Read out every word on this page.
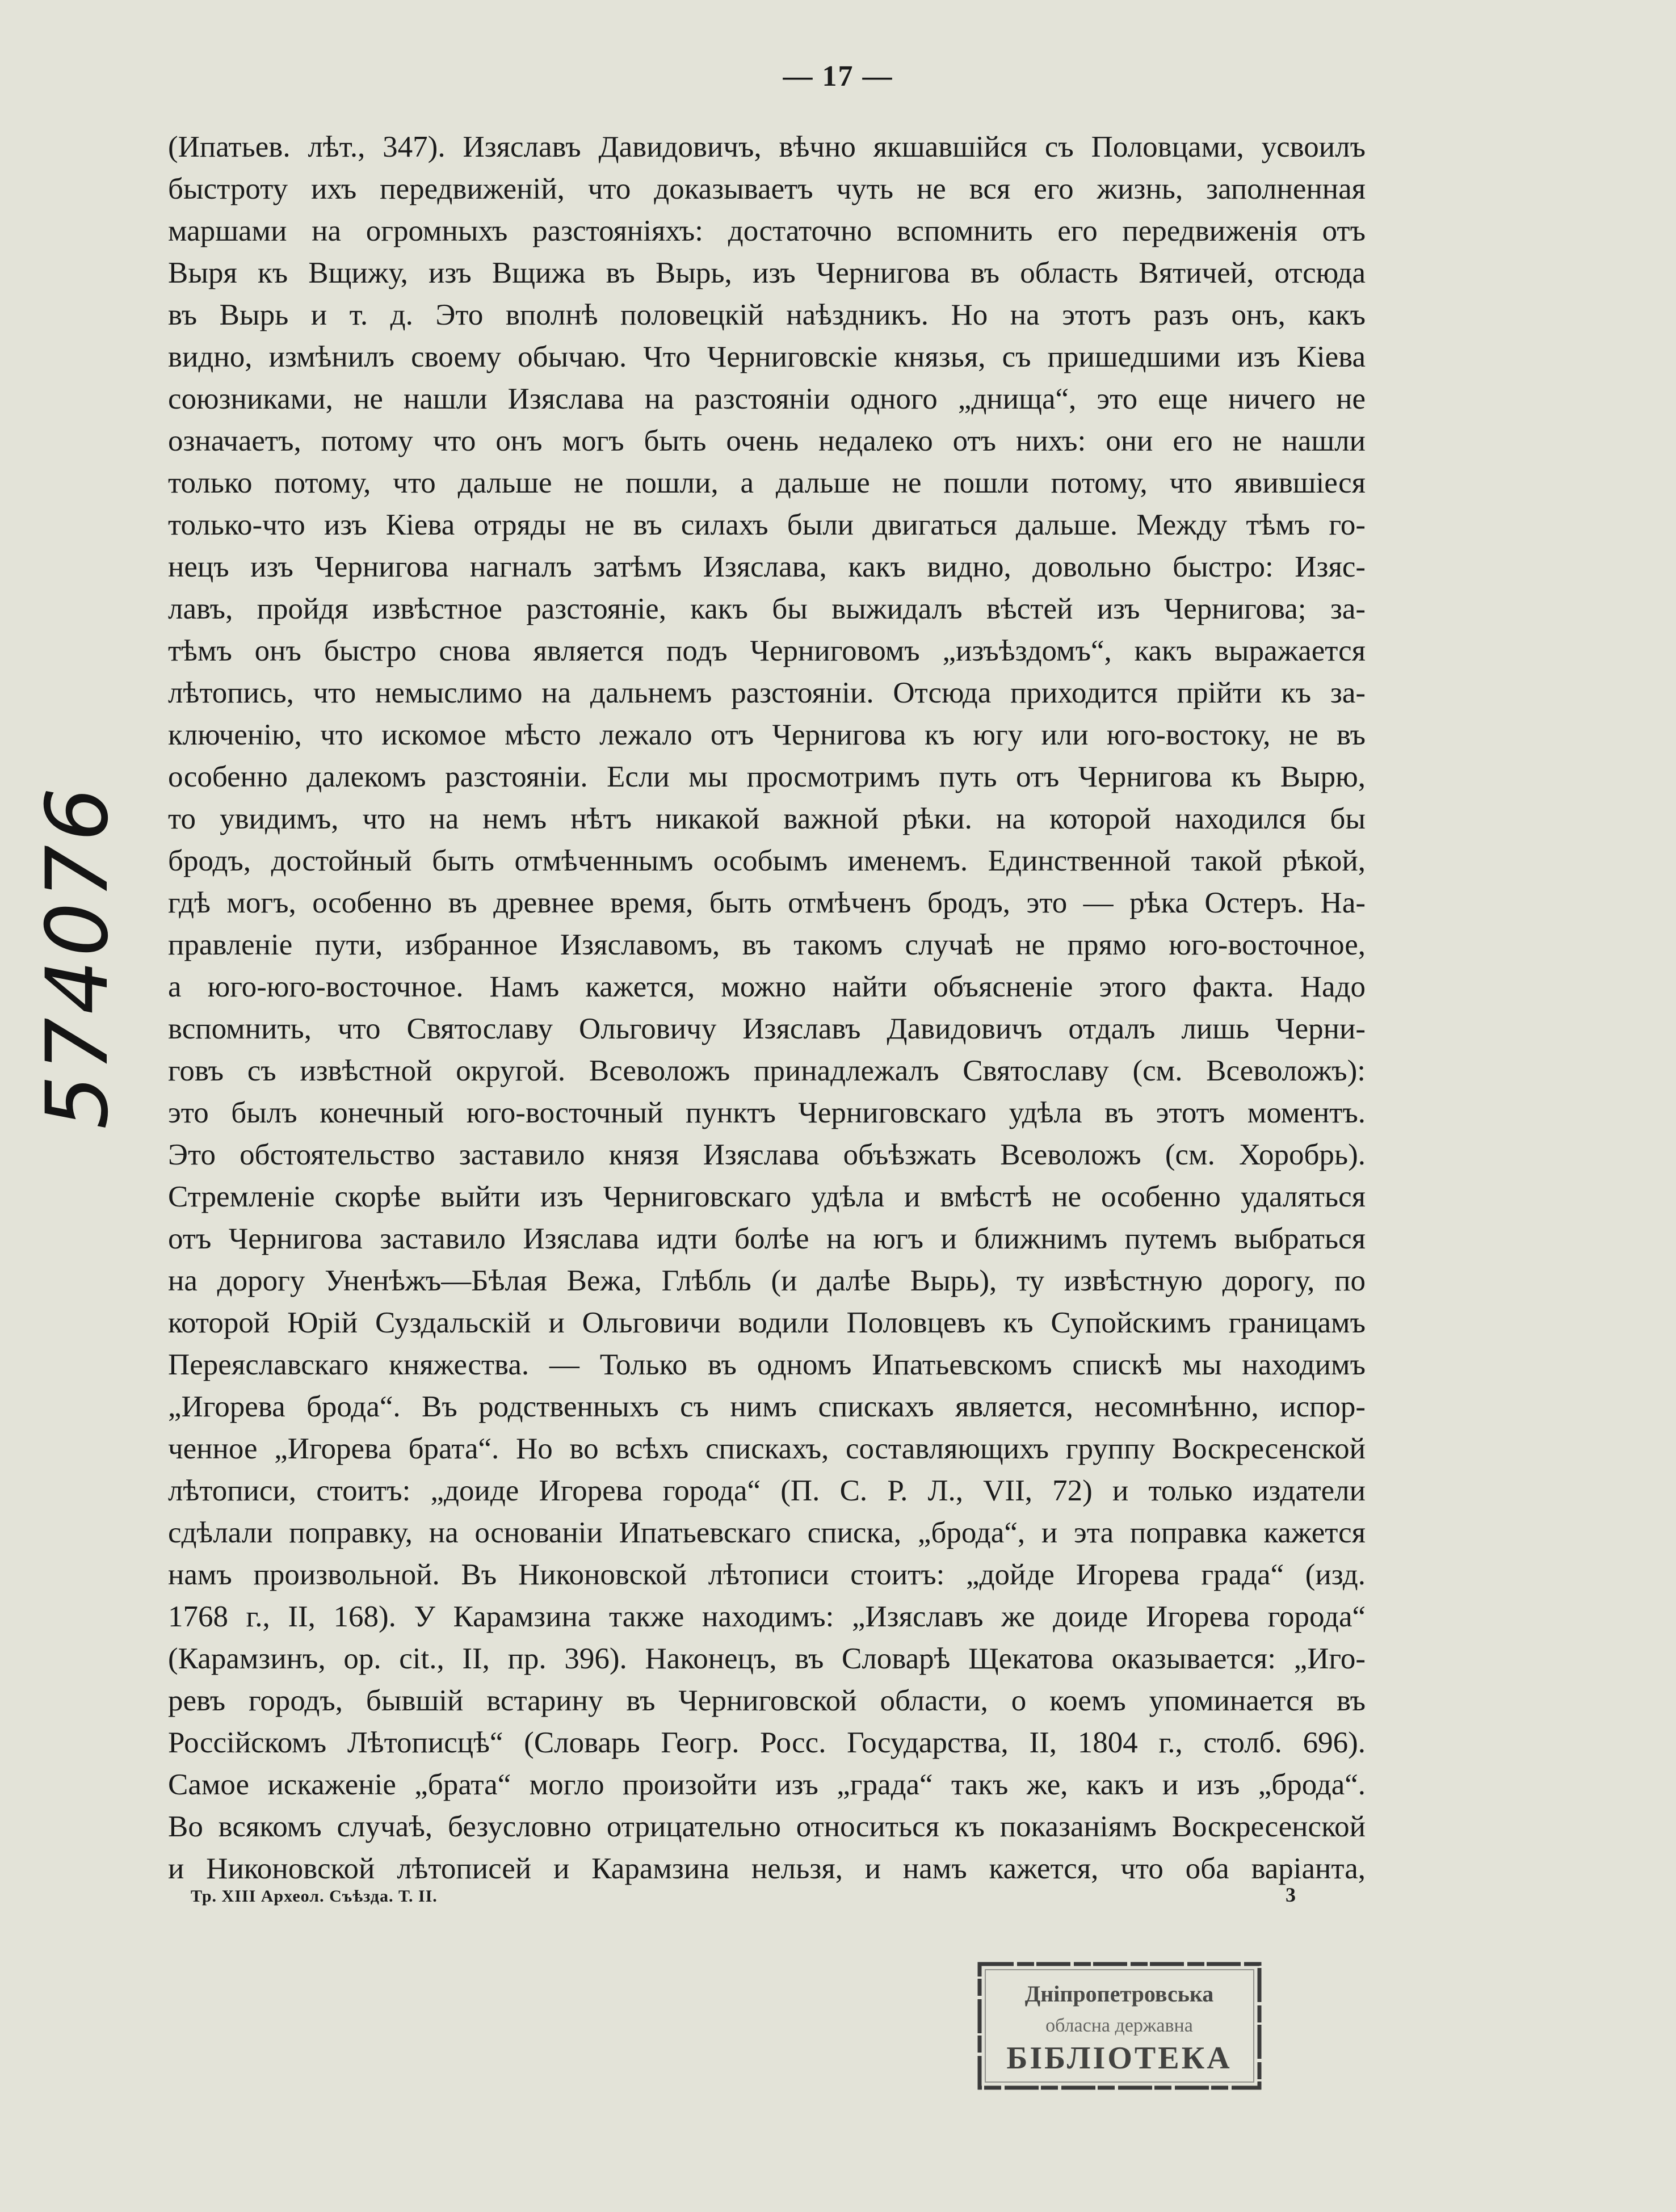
— 17 —
(Ипатьев. лѣт., 347). Изяславъ Давидовичъ, вѣчно якшавшійся съ Половцами, усвоилъ
быстроту ихъ передвиженій, что доказываетъ чуть не вся его жизнь, заполненная
маршами на огромныхъ разстояніяхъ: достаточно вспомнить его передвиженія отъ
Выря къ Вщижу, изъ Вщижа въ Вырь, изъ Чернигова въ область Вятичей, отсюда
въ Вырь и т. д. Это вполнѣ половецкій наѣздникъ. Но на этотъ разъ онъ, какъ
видно, измѣнилъ своему обычаю. Что Черниговскіе князья, съ пришедшими изъ Кіева
союзниками, не нашли Изяслава на разстояніи одного „днища“, это еще ничего не
означаетъ, потому что онъ могъ быть очень недалеко отъ нихъ: они его не нашли
только потому, что дальше не пошли, а дальше не пошли потому, что явившіеся
только-что изъ Кіева отряды не въ силахъ были двигаться дальше. Между тѣмъ го-
нецъ изъ Чернигова нагналъ затѣмъ Изяслава, какъ видно, довольно быстро: Изяс-
лавъ, пройдя извѣстное разстояніе, какъ бы выжидалъ вѣстей изъ Чернигова; за-
тѣмъ онъ быстро снова является подъ Черниговомъ „изъѣздомъ“, какъ выражается
лѣтопись, что немыслимо на дальнемъ разстояніи. Отсюда приходится прійти къ за-
ключенію, что искомое мѣсто лежало отъ Чернигова къ югу или юго-востоку, не въ
особенно далекомъ разстояніи. Если мы просмотримъ путь отъ Чернигова къ Вырю,
то увидимъ, что на немъ нѣтъ никакой важной рѣки. на которой находился бы
бродъ, достойный быть отмѣченнымъ особымъ именемъ. Единственной такой рѣкой,
гдѣ могъ, особенно въ древнее время, быть отмѣченъ бродъ, это — рѣка Остеръ. На-
правленіе пути, избранное Изяславомъ, въ такомъ случаѣ не прямо юго-восточное,
а юго-юго-восточное. Намъ кажется, можно найти объясненіе этого факта. Надо
вспомнить, что Святославу Ольговичу Изяславъ Давидовичъ отдалъ лишь Черни-
говъ съ извѣстной округой. Всеволожъ принадлежалъ Святославу (см. Всеволожъ):
это былъ конечный юго-восточный пунктъ Черниговскаго удѣла въ этотъ моментъ.
Это обстоятельство заставило князя Изяслава объѣзжать Всеволожъ (см. Хоробрь).
Стремленіе скорѣе выйти изъ Черниговскаго удѣла и вмѣстѣ не особенно удаляться
отъ Чернигова заставило Изяслава идти болѣе на югъ и ближнимъ путемъ выбраться
на дорогу Уненѣжъ—Бѣлая Вежа, Глѣбль (и далѣе Вырь), ту извѣстную дорогу, по
которой Юрій Суздальскій и Ольговичи водили Половцевъ къ Супойскимъ границамъ
Переяславскаго княжества. — Только въ одномъ Ипатьевскомъ спискѣ мы находимъ
„Игорева брода“. Въ родственныхъ съ нимъ спискахъ является, несомнѣнно, испор-
ченное „Игорева брата“. Но во всѣхъ спискахъ, составляющихъ группу Воскресенской
лѣтописи, стоитъ: „доиде Игорева города“ (П. С. Р. Л., VII, 72) и только издатели
сдѣлали поправку, на основаніи Ипатьевскаго списка, „брода“, и эта поправка кажется
намъ произвольной. Въ Никоновской лѣтописи стоитъ: „дойде Игорева града“ (изд.
1768 г., II, 168). У Карамзина также находимъ: „Изяславъ же доиде Игорева города“
(Карамзинъ, op. cit., II, пр. 396). Наконецъ, въ Словарѣ Щекатова оказывается: „Иго-
ревъ городъ, бывшій встарину въ Черниговской области, о коемъ упоминается въ
Россійскомъ Лѣтописцѣ“ (Словарь Геогр. Росс. Государства, II, 1804 г., столб. 696).
Самое искаженіе „брата“ могло произойти изъ „града“ такъ же, какъ и изъ „брода“.
Во всякомъ случаѣ, безусловно отрицательно относиться къ показаніямъ Воскресенской
и Никоновской лѣтописей и Карамзина нельзя, и намъ кажется, что оба варіанта,
Тр. XIII Археол. Съѣзда. Т. II.	3
574076
Дніпропетровська
обласна державна
БІБЛІОТЕКА
